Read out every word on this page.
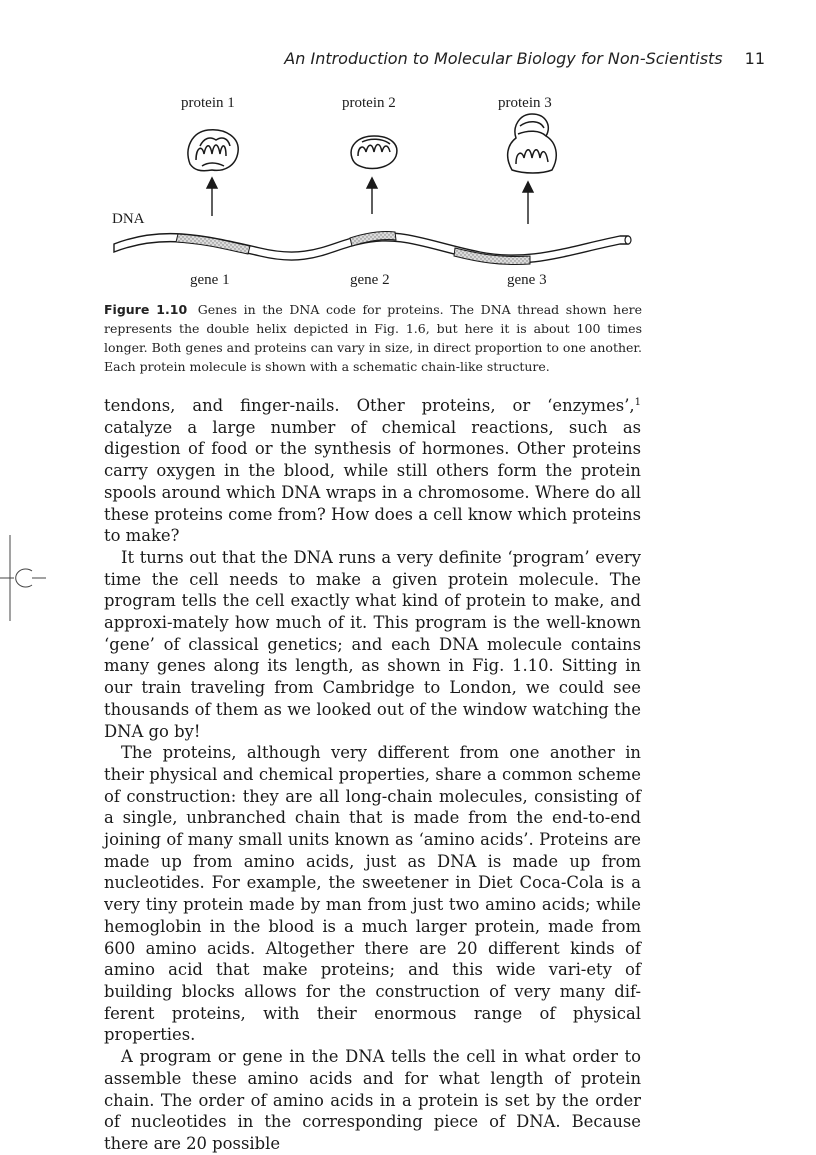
An Introduction to Molecular Biology for Non-Scientists 11
protein 1	protein 2	protein 3
DNA
gene 1	gene 2	gene 3

Figure 1.10 Genes in the DNA code for proteins. The DNA thread shown here represents the double helix depicted in Fig. 1.6, but here it is about 100 times longer. Both genes and proteins can vary in size, in direct proportion to one another. Each protein molecule is shown with a schematic chain-like structure.

tendons, and finger-nails. Other proteins, or ‘enzymes’,$^1$ catalyze a large number of chemical reactions, such as digestion of food or the synthesis of hormones. Other proteins carry oxygen in the blood, while still others form the protein spools around which DNA wraps in a chromosome. Where do all these proteins come from? How does a cell know which proteins to make?

It turns out that the DNA runs a very definite ‘program’ every time the cell needs to make a given protein molecule. The program tells the cell exactly what kind of protein to make, and approxi-mately how much of it. This program is the well-known ‘gene’ of classical genetics; and each DNA molecule contains many genes along its length, as shown in Fig. 1.10. Sitting in our train traveling from Cambridge to London, we could see thousands of them as we looked out of the window watching the DNA go by!

The proteins, although very different from one another in their physical and chemical properties, share a common scheme of construction: they are all long-chain molecules, consisting of a single, unbranched chain that is made from the end-to-end joining of many small units known as ‘amino acids’. Proteins are made up from amino acids, just as DNA is made up from nucleotides. For example, the sweetener in Diet Coca-Cola is a very tiny protein made by man from just two amino acids; while hemoglobin in the blood is a much larger protein, made from 600 amino acids. Altogether there are 20 different kinds of amino acid that make proteins; and this wide vari-ety of building blocks allows for the construction of very many dif-ferent proteins, with their enormous range of physical properties.

A program or gene in the DNA tells the cell in what order to assemble these amino acids and for what length of protein chain. The order of amino acids in a protein is set by the order of nucleotides in the corresponding piece of DNA. Because there are 20 possible
